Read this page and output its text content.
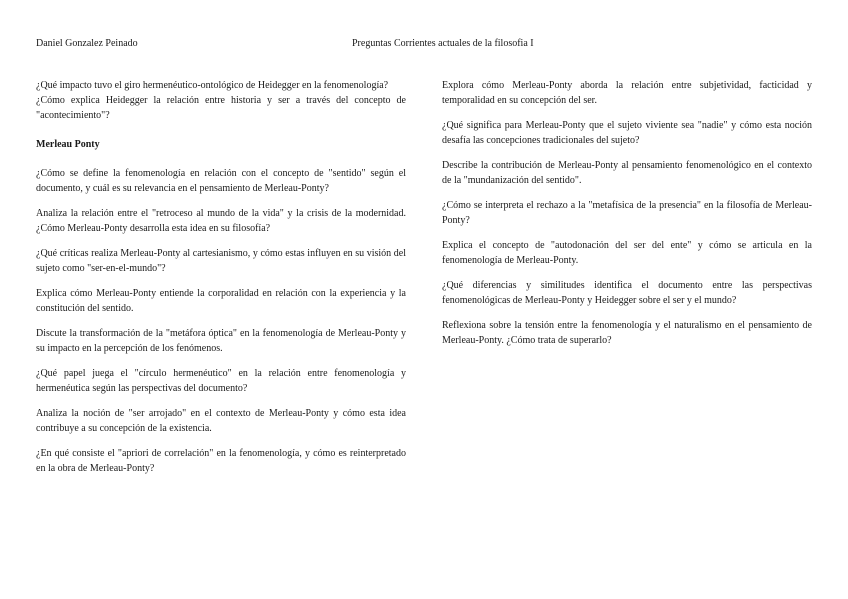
Daniel Gonzalez Peinado	Preguntas Corrientes actuales de la filosofia I

¿Qué impacto tuvo el giro hermenéutico-ontológico de Heidegger en la fenomenología?

¿Cómo explica Heidegger la relación entre historia y ser a través del concepto de "acontecimiento"?

Merleau Ponty

¿Cómo se define la fenomenología en relación con el concepto de "sentido" según el documento, y cuál es su relevancia en el pensamiento de Merleau-Ponty?

Analiza la relación entre el "retroceso al mundo de la vida" y la crisis de la modernidad. ¿Cómo Merleau-Ponty desarrolla esta idea en su filosofía?

¿Qué críticas realiza Merleau-Ponty al cartesianismo, y cómo estas influyen en su visión del sujeto como "ser-en-el-mundo"?

Explica cómo Merleau-Ponty entiende la corporalidad en relación con la experiencia y la constitución del sentido.

Discute la transformación de la "metáfora óptica" en la fenomenología de Merleau-Ponty y su impacto en la percepción de los fenómenos.

¿Qué papel juega el "círculo hermenéutico" en la relación entre fenomenología y hermenéutica según las perspectivas del documento?

Analiza la noción de "ser arrojado" en el contexto de Merleau-Ponty y cómo esta idea contribuye a su concepción de la existencia.

¿En qué consiste el "apriori de correlación" en la fenomenología, y cómo es reinterpretado en la obra de Merleau-Ponty?

Explora cómo Merleau-Ponty aborda la relación entre subjetividad, facticidad y temporalidad en su concepción del ser.

¿Qué significa para Merleau-Ponty que el sujeto viviente sea "nadie" y cómo esta noción desafía las concepciones tradicionales del sujeto?

Describe la contribución de Merleau-Ponty al pensamiento fenomenológico en el contexto de la "mundanización del sentido".

¿Cómo se interpreta el rechazo a la "metafísica de la presencia" en la filosofía de Merleau-Ponty?

Explica el concepto de "autodonación del ser del ente" y cómo se articula en la fenomenología de Merleau-Ponty.

¿Qué diferencias y similitudes identifica el documento entre las perspectivas fenomenológicas de Merleau-Ponty y Heidegger sobre el ser y el mundo?

Reflexiona sobre la tensión entre la fenomenología y el naturalismo en el pensamiento de Merleau-Ponty. ¿Cómo trata de superarlo?
